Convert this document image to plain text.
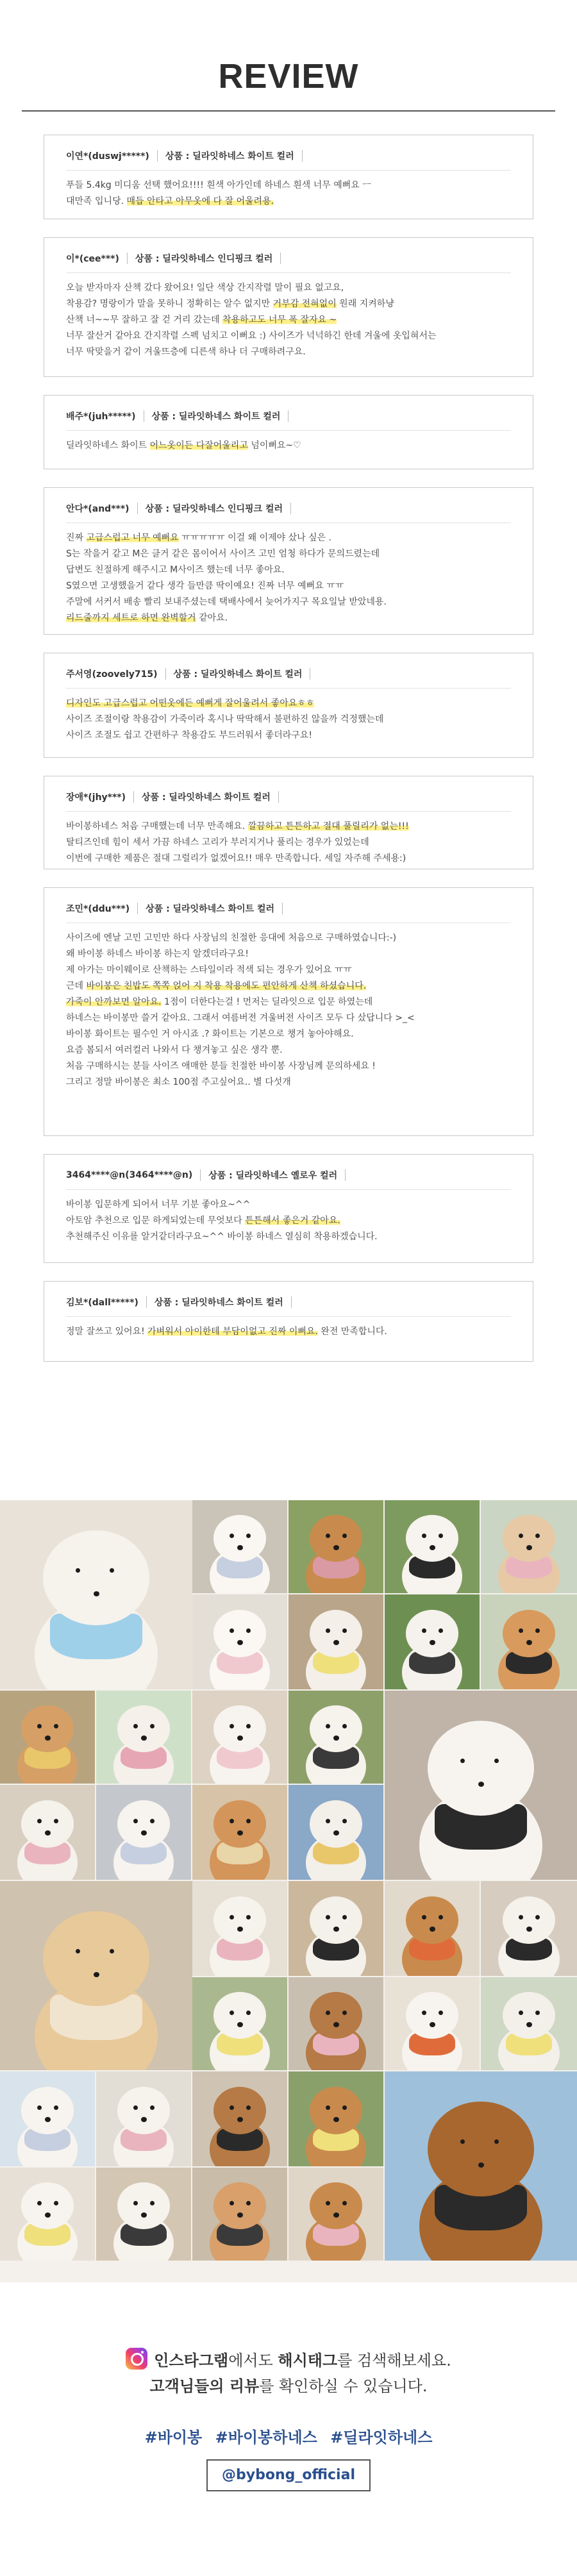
REVIEW
이연*(duswj*****) 상품 : 딜라잇하네스 화이트 컬러

푸들 5.4kg 미디움 선택 했어요!!!! 흰색 아가인데 하네스 흰색 너무 예뻐요 ㅡ

대만족 입니당. 매듭 안타고 아무옷에 다 잘 어울려용.

이*(cee***) 상품 : 딜라잇하네스 인디핑크 컬러

오늘 받자마자 산책 갔다 왔어요! 일단 색상 간지작렬 말이 필요 없고요,

착용감? 명랑이가 말을 못하니 정확히는 알수 없지만 거부감 전혀없이 원래 지켜하냥

산책 너~~무 잘하고 잘 걷 거리 갔는데 착용하고도 너무 폭 잘자요 ~

너무 잘산거 같아요 간지작렬 스펙 넘치고 이뻐요 :) 사이즈가 넉넉하긴 한데 겨울에 옷입혀서는

너무 딱맞을거 같이 겨울뜨층에 디른색 하나 더 구매하려구요.

배주*(juh*****) 상품 : 딜라잇하네스 화이트 컬러

딜라잇하네스 화이트 어느옷이든 다잘어울리고 넘이뻐요~♡

안다*(and***) 상품 : 딜라잇하네스 인디핑크 컬러

진짜 고급스럽고 너무 예뻐요 ㅠㅠㅠㅠㅠ 이걸 왜 이제야 샀나 싶은 .

S는 작을거 같고 M은 클거 같은 몸이어서 사이즈 고민 엄청 하다가 문의드렸는데

답변도 친절하게 해주시고 M사이즈 했는데 너무 좋아요.

S였으면 고생했을거 같다 생각 들만큼 딱이예요! 진짜 너무 예뻐요 ㅠㅠ

주말에 서커서 배송 빨리 보내주셨는데 택배사에서 늦어가지구 목요일날 받았네용.

리드줄까지 세트로 하면 완벽할거 같아요.

주서영(zoovely715) 상품 : 딜라잇하네스 화이트 컬러

디자인도 고급스럽고 어떤옷에든 예뻐게 잘어울려서 좋아요ㅎㅎ

사이즈 조절이랑 착용감이 가죽이라 혹시나 딱딱해서 불편하진 않을까 걱정했는데

사이즈 조절도 쉽고 간편하구 착용감도 부드러워서 좋더라구요!

장애*(jhy***) 상품 : 딜라잇하네스 화이트 컬러

바이봉하네스 처음 구매했는데 너무 만족해요. 깔끔하고 튼튼하고 절대 풀릴리가 없는!!!

탈티즈인데 힘이 세서 가끔 하네스 고리가 부러지거나 풀리는 경우가 있었는데

이번에 구매한 제품은 절대 그럴리가 없겠어요!! 매우 만족합니다. 세일 자주해 주세용:)

조민*(ddu***) 상품 : 딜라잇하네스 화이트 컬러

사이즈에 엔날 고민 고민만 하다 사장님의 친절한 응대에 처음으로 구매하였습니다:-)

왜 바이봉 하네스 바이봉 하는지 알겠더라구요!

제 아가는 마이웨이로 산책하는 스타일이라 적색 되는 경우가 있어요 ㅠㅠ

근데 바이봉은 친밥도 쪽쪽 얹어 지 착용 착용에도 편안하게 산책 하셨습니다.

가죽이 안까보면 알아요. 1점이 더한다는걸 ! 먼저는 딜라잇으로 입문 하였는데

하네스는 바이봉만 쓸거 같아요. 그래서 여름버전 겨울버전 사이즈 모두 다 샀답니다 >_<

바이봉 화이트는 필수인 거 아시죠 .? 화이트는 기본으로 챙겨 놓아야해요.

요즘 봄되서 여러컬러 나와서 다 챙겨놓고 싶은 생각 뿐.

처음 구매하시는 분들 사이즈 애매한 분들 친절한 바이봉 사장님께 문의하세요 !

그리고 정말 바이봉은 최소 100점 주고싶어요.. 별 다섯개

3464****@n(3464****@n) 상품 : 딜라잇하네스 옐로우 컬러

바이봉 입문하게 되어서 너무 기분 좋아요~^^

아토암 추천으로 입문 하게되었는데 무엇보다 튼튼해서 좋은거 같아요.

추천해주신 이유를 알거같더라구요~^^ 바이봉 하네스 열심히 착용하겠습니다.

김보*(dall*****) 상품 : 딜라잇하네스 화이트 컬러

정말 잘쓰고 있어요! 가벼워서 아이한테 부담이없고 진짜 이뻐요. 완전 만족합니다.

인스타그램에서도 해시태그를 검색해보세요.
고객님들의 리뷰를 확인하실 수 있습니다.
#바이봉 #바이봉하네스 #딜라잇하네스
@bybong_official
